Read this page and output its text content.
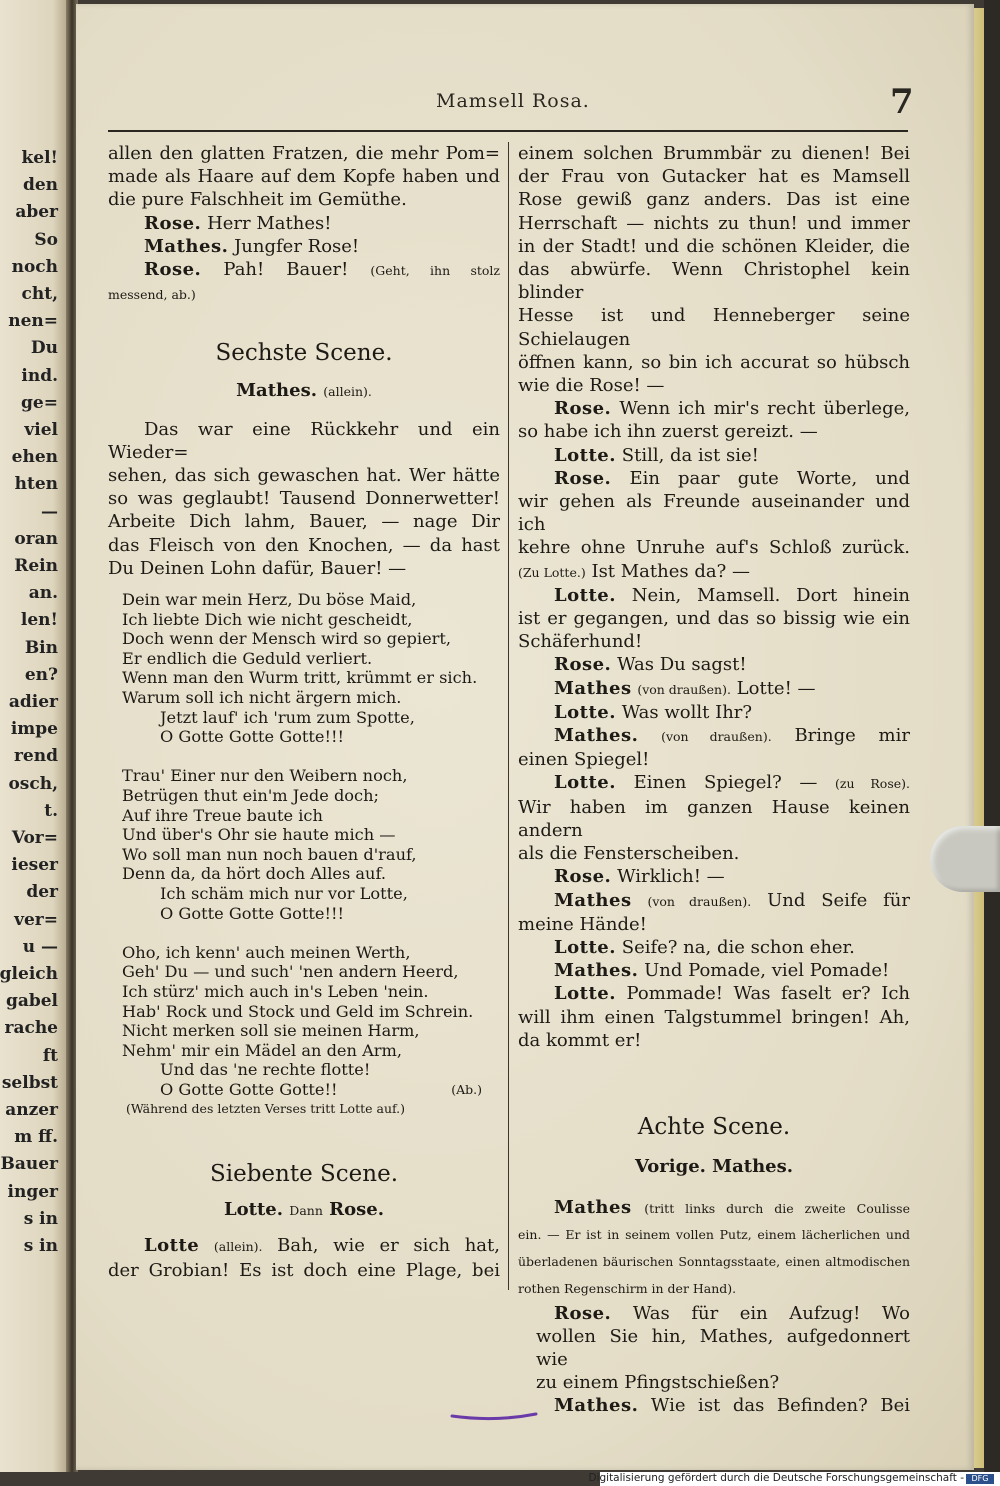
kel!
den
aber
So
noch
cht,
nen=
Du
ind.
ge=
viel
ehen
hten
—
oran
Rein
an.
len!
Bin
en?
adier
impe
rend
osch,
t.
Vor=
ieser
der
ver=
u —
gleich
gabel
rache
ft
selbst
anzer
m ff.
Bauer
inger
s in
s in
Mamsell Rosa.	7

allen den glatten Fratzen, die mehr Pom=

made als Haare auf dem Kopfe haben und

die pure Falschheit im Gemüthe.

Rose. Herr Mathes!

Mathes. Jungfer Rose!

Rose. Pah! Bauer! (Geht, ihn stolz

messend, ab.)

Sechste Scene.

Mathes. (allein).

Das war eine Rückkehr und ein Wieder=

sehen, das sich gewaschen hat. Wer hätte

so was geglaubt! Tausend Donnerwetter!

Arbeite Dich lahm, Bauer, — nage Dir

das Fleisch von den Knochen, — da hast

Du Deinen Lohn dafür, Bauer! —

Dein war mein Herz, Du böse Maid,

Ich liebte Dich wie nicht gescheidt,

Doch wenn der Mensch wird so gepiert,

Er endlich die Geduld verliert.

Wenn man den Wurm tritt, krümmt er sich.

Warum soll ich nicht ärgern mich.

Jetzt lauf' ich 'rum zum Spotte,

O Gotte Gotte Gotte!!!

Trau' Einer nur den Weibern noch,

Betrügen thut ein'm Jede doch;

Auf ihre Treue baute ich

Und über's Ohr sie haute mich —

Wo soll man nun noch bauen d'rauf,

Denn da, da hört doch Alles auf.

Ich schäm mich nur vor Lotte,

O Gotte Gotte Gotte!!!

Oho, ich kenn' auch meinen Werth,

Geh' Du — und such' 'nen andern Heerd,

Ich stürz' mich auch in's Leben 'nein.

Hab' Rock und Stock und Geld im Schrein.

Nicht merken soll sie meinen Harm,

Nehm' mir ein Mädel an den Arm,

Und das 'ne rechte flotte!

O Gotte Gotte Gotte!!	(Ab.)

(Während des letzten Verses tritt Lotte auf.)

Siebente Scene.

Lotte. Dann Rose.

Lotte (allein). Bah, wie er sich hat,

der Grobian! Es ist doch eine Plage, bei

einem solchen Brummbär zu dienen! Bei

der Frau von Gutacker hat es Mamsell

Rose gewiß ganz anders. Das ist eine

Herrschaft — nichts zu thun! und immer

in der Stadt! und die schönen Kleider, die

das abwürfe. Wenn Christophel kein blinder

Hesse ist und Henneberger seine Schielaugen

öffnen kann, so bin ich accurat so hübsch

wie die Rose! —

Rose. Wenn ich mir's recht überlege,

so habe ich ihn zuerst gereizt. —

Lotte. Still, da ist sie!

Rose. Ein paar gute Worte, und

wir gehen als Freunde auseinander und ich

kehre ohne Unruhe auf's Schloß zurück.

(Zu Lotte.) Ist Mathes da? —

Lotte. Nein, Mamsell. Dort hinein

ist er gegangen, und das so bissig wie ein

Schäferhund!

Rose. Was Du sagst!

Mathes (von draußen). Lotte! —

Lotte. Was wollt Ihr?

Mathes. (von draußen). Bringe mir

einen Spiegel!

Lotte. Einen Spiegel? — (zu Rose).

Wir haben im ganzen Hause keinen andern

als die Fensterscheiben.

Rose. Wirklich! —

Mathes (von draußen). Und Seife für

meine Hände!

Lotte. Seife? na, die schon eher.

Mathes. Und Pomade, viel Pomade!

Lotte. Pommade! Was faselt er? Ich

will ihm einen Talgstummel bringen! Ah,

da kommt er!

Achte Scene.

Vorige. Mathes.

Mathes (tritt links durch die zweite Coulisse

ein. — Er ist in seinem vollen Putz, einem lächerlichen und

überladenen bäurischen Sonntagsstaate, einen altmodischen

rothen Regenschirm in der Hand).

Rose. Was für ein Aufzug! Wo

wollen Sie hin, Mathes, aufgedonnert wie

zu einem Pfingstschießen?

Mathes. Wie ist das Befinden? Bei

Digitalisierung gefördert durch die Deutsche Forschungsgemeinschaft - DFG
